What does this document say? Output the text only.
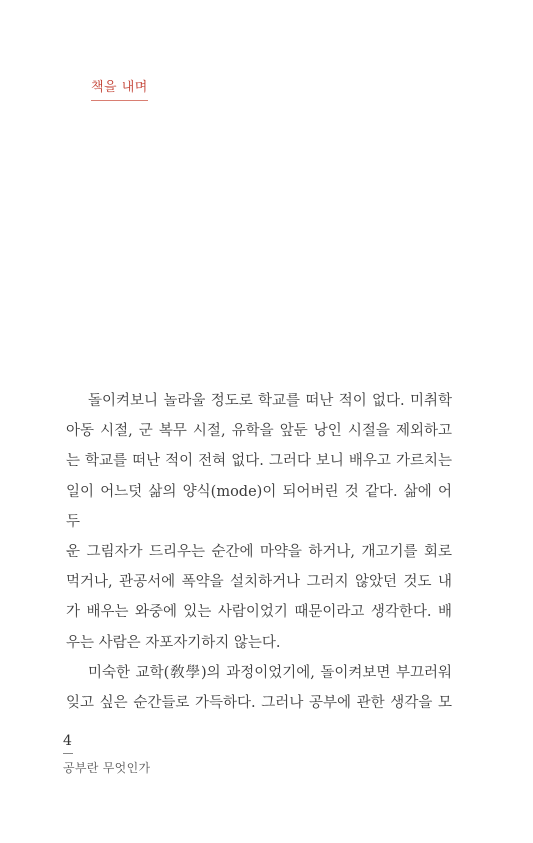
책을 내며
돌이켜보니 놀라울 정도로 학교를 떠난 적이 없다. 미취학
아동 시절, 군 복무 시절, 유학을 앞둔 낭인 시절을 제외하고
는 학교를 떠난 적이 전혀 없다. 그러다 보니 배우고 가르치는
일이 어느덧 삶의 양식(mode)이 되어버린 것 같다. 삶에 어두
운 그림자가 드리우는 순간에 마약을 하거나, 개고기를 회로
먹거나, 관공서에 폭약을 설치하거나 그러지 않았던 것도 내
가 배우는 와중에 있는 사람이었기 때문이라고 생각한다. 배
우는 사람은 자포자기하지 않는다.
미숙한 교학(敎學)의 과정이었기에, 돌이켜보면 부끄러워
잊고 싶은 순간들로 가득하다. 그러나 공부에 관한 생각을 모
4
공부란 무엇인가
